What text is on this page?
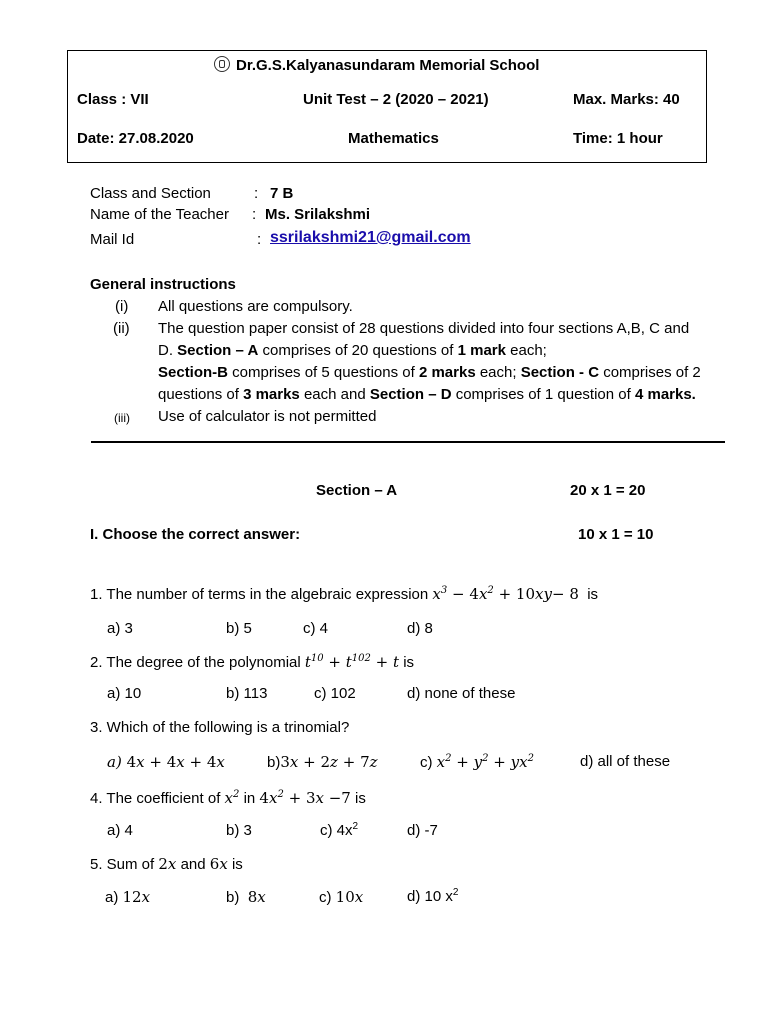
Dr.G.S.Kalyanasundaram Memorial School
Class : VII	Unit Test – 2 (2020 – 2021)	Max. Marks: 40
Date: 27.08.2020	Mathematics	Time: 1 hour
Class and Section	: 7 B
Name of the Teacher : Ms. Srilakshmi
Mail Id	: ssrilakshmi21@gmail.com
General instructions
(i) All questions are compulsory.
(ii) The question paper consist of 28 questions divided into four sections A,B, C and
D. Section – A comprises of 20 questions of 1 mark each;
Section-B comprises of 5 questions of 2 marks each; Section - C comprises of 2
questions of 3 marks each and Section – D comprises of 1 question of 4 marks.
(iii) Use of calculator is not permitted
Section – A	20 x 1 = 20
I. Choose the correct answer:	10 x 1 = 10
1. The number of terms in the algebraic expression $x^3 - 4x^2 + 10xy- 8$ is
a) 3	b) 5	c) 4	d) 8
2. The degree of the polynomial $t^{10} + t^{102} + t$ is
a) 10	b) 113	c) 102	d) none of these
3. Which of the following is a trinomial?
a) 4x + 4x + 4x	b)3x + 2z + 7z	c) $x^2 + y^2 + yx^2$	d) all of these
4. The coefficient of $x^2$ in $4x^2 + 3x -7$ is
a) 4	b) 3	c) $4x^2$	d) -7
5. Sum of 2x and 6x is
a) 12x	b) 8x	c) 10x	d) 10 $x^2$
